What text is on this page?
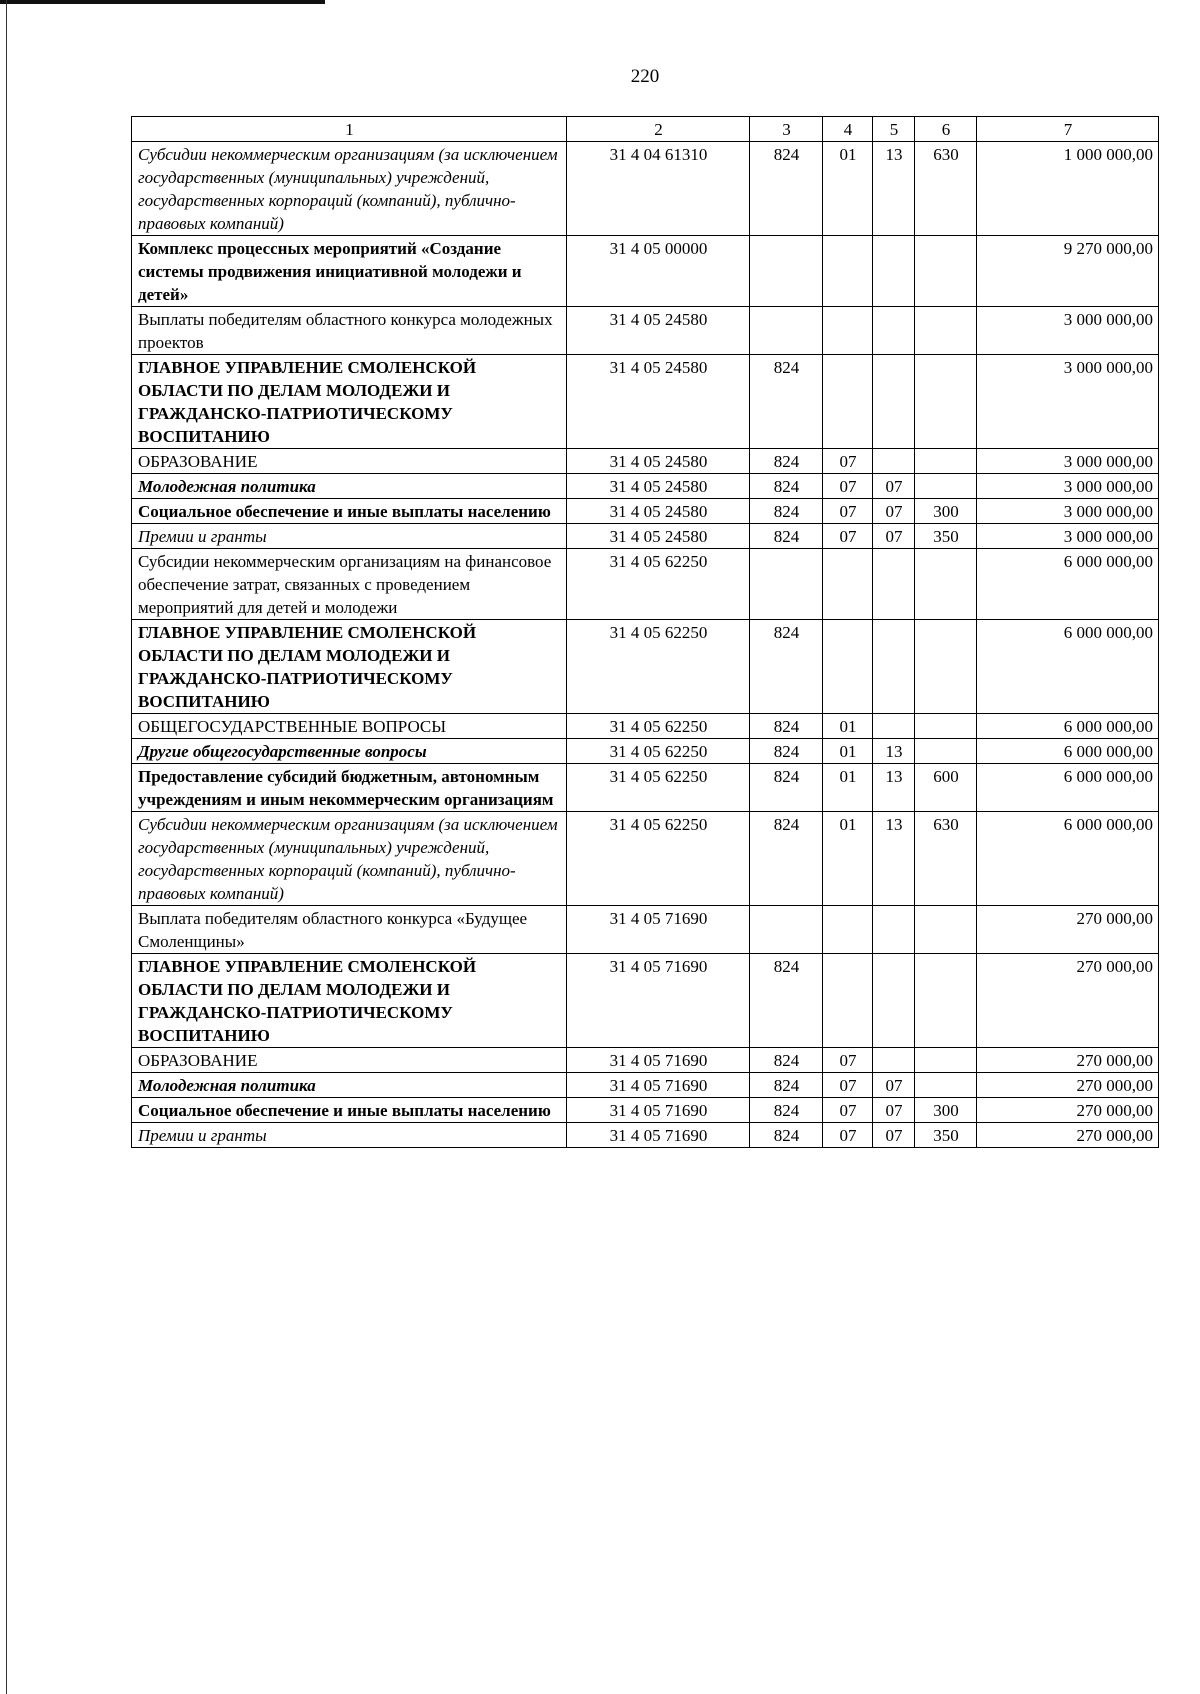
220
1	2	3	4	5	6	7
Субсидии некоммерческим организациям (за исключением государственных (муниципальных) учреждений, государственных корпораций (компаний), публично-правовых компаний)	31 4 04 61310	824	01	13	630	1 000 000,00
Комплекс процессных мероприятий «Создание системы продвижения инициативной молодежи и детей»	31 4 05 00000					9 270 000,00
Выплаты победителям областного конкурса молодежных проектов	31 4 05 24580					3 000 000,00
ГЛАВНОЕ УПРАВЛЕНИЕ СМОЛЕНСКОЙ ОБЛАСТИ ПО ДЕЛАМ МОЛОДЕЖИ И ГРАЖДАНСКО-ПАТРИОТИЧЕСКОМУ ВОСПИТАНИЮ	31 4 05 24580	824				3 000 000,00
ОБРАЗОВАНИЕ	31 4 05 24580	824	07			3 000 000,00
Молодежная политика	31 4 05 24580	824	07	07		3 000 000,00
Социальное обеспечение и иные выплаты населению	31 4 05 24580	824	07	07	300	3 000 000,00
Премии и гранты	31 4 05 24580	824	07	07	350	3 000 000,00
Субсидии некоммерческим организациям на финансовое обеспечение затрат, связанных с проведением мероприятий для детей и молодежи	31 4 05 62250					6 000 000,00
ГЛАВНОЕ УПРАВЛЕНИЕ СМОЛЕНСКОЙ ОБЛАСТИ ПО ДЕЛАМ МОЛОДЕЖИ И ГРАЖДАНСКО-ПАТРИОТИЧЕСКОМУ ВОСПИТАНИЮ	31 4 05 62250	824				6 000 000,00
ОБЩЕГОСУДАРСТВЕННЫЕ ВОПРОСЫ	31 4 05 62250	824	01			6 000 000,00
Другие общегосударственные вопросы	31 4 05 62250	824	01	13		6 000 000,00
Предоставление субсидий бюджетным, автономным учреждениям и иным некоммерческим организациям	31 4 05 62250	824	01	13	600	6 000 000,00
Субсидии некоммерческим организациям (за исключением государственных (муниципальных) учреждений, государственных корпораций (компаний), публично-правовых компаний)	31 4 05 62250	824	01	13	630	6 000 000,00
Выплата победителям областного конкурса «Будущее Смоленщины»	31 4 05 71690					270 000,00
ГЛАВНОЕ УПРАВЛЕНИЕ СМОЛЕНСКОЙ ОБЛАСТИ ПО ДЕЛАМ МОЛОДЕЖИ И ГРАЖДАНСКО-ПАТРИОТИЧЕСКОМУ ВОСПИТАНИЮ	31 4 05 71690	824				270 000,00
ОБРАЗОВАНИЕ	31 4 05 71690	824	07			270 000,00
Молодежная политика	31 4 05 71690	824	07	07		270 000,00
Социальное обеспечение и иные выплаты населению	31 4 05 71690	824	07	07	300	270 000,00
Премии и гранты	31 4 05 71690	824	07	07	350	270 000,00
